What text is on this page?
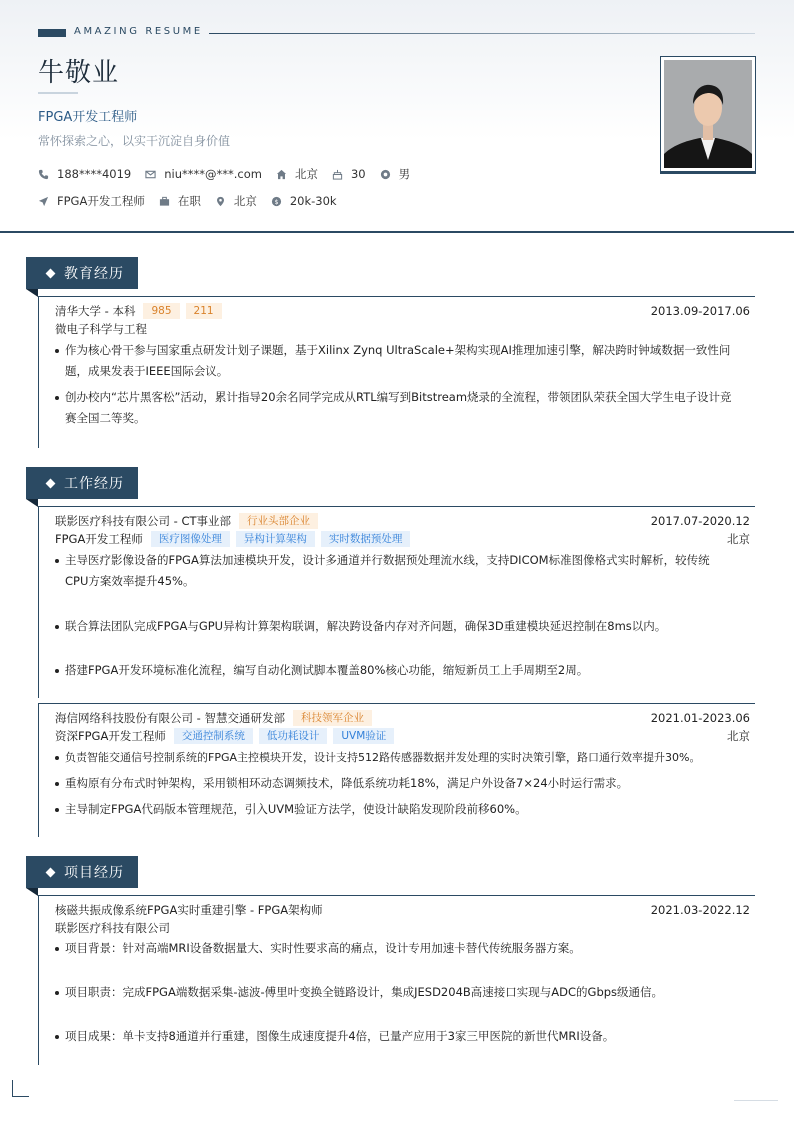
AMAZING RESUME
牛敬业
FPGA开发工程师
常怀探索之心，以实干沉淀自身价值
188****4019	niu****@***.com	北京	30	男
FPGA开发工程师	在职	北京 $ 20k-30k
教育经历
清华大学 - 本科	985	211	2013.09-2017.06
微电子科学与工程
作为核心骨干参与国家重点研发计划子课题，基于Xilinx Zynq UltraScale+架构实现AI推理加速引擎，解决跨时钟域数据一致性问
题，成果发表于IEEE国际会议。
创办校内“芯片黑客松”活动，累计指导20余名同学完成从RTL编写到Bitstream烧录的全流程，带领团队荣获全国大学生电子设计竞
赛全国二等奖。
工作经历
联影医疗科技有限公司 - CT事业部	行业头部企业	2017.07-2020.12
FPGA开发工程师	医疗图像处理	异构计算架构	实时数据预处理	北京
主导医疗影像设备的FPGA算法加速模块开发，设计多通道并行数据预处理流水线，支持DICOM标准图像格式实时解析，较传统
CPU方案效率提升45%。
联合算法团队完成FPGA与GPU异构计算架构联调，解决跨设备内存对齐问题，确保3D重建模块延迟控制在8ms以内。
搭建FPGA开发环境标准化流程，编写自动化测试脚本覆盖80%核心功能，缩短新员工上手周期至2周。
海信网络科技股份有限公司 - 智慧交通研发部	科技领军企业	2021.01-2023.06
资深FPGA开发工程师	交通控制系统	低功耗设计	UVM验证	北京
负责智能交通信号控制系统的FPGA主控模块开发，设计支持512路传感器数据并发处理的实时决策引擎，路口通行效率提升30%。
重构原有分布式时钟架构，采用锁相环动态调频技术，降低系统功耗18%，满足户外设备7×24小时运行需求。
主导制定FPGA代码版本管理规范，引入UVM验证方法学，使设计缺陷发现阶段前移60%。
项目经历
核磁共振成像系统FPGA实时重建引擎 - FPGA架构师	2021.03-2022.12
联影医疗科技有限公司
项目背景：针对高端MRI设备数据量大、实时性要求高的痛点，设计专用加速卡替代传统服务器方案。
项目职责：完成FPGA端数据采集-滤波-傅里叶变换全链路设计，集成JESD204B高速接口实现与ADC的Gbps级通信。
项目成果：单卡支持8通道并行重建，图像生成速度提升4倍，已量产应用于3家三甲医院的新世代MRI设备。
